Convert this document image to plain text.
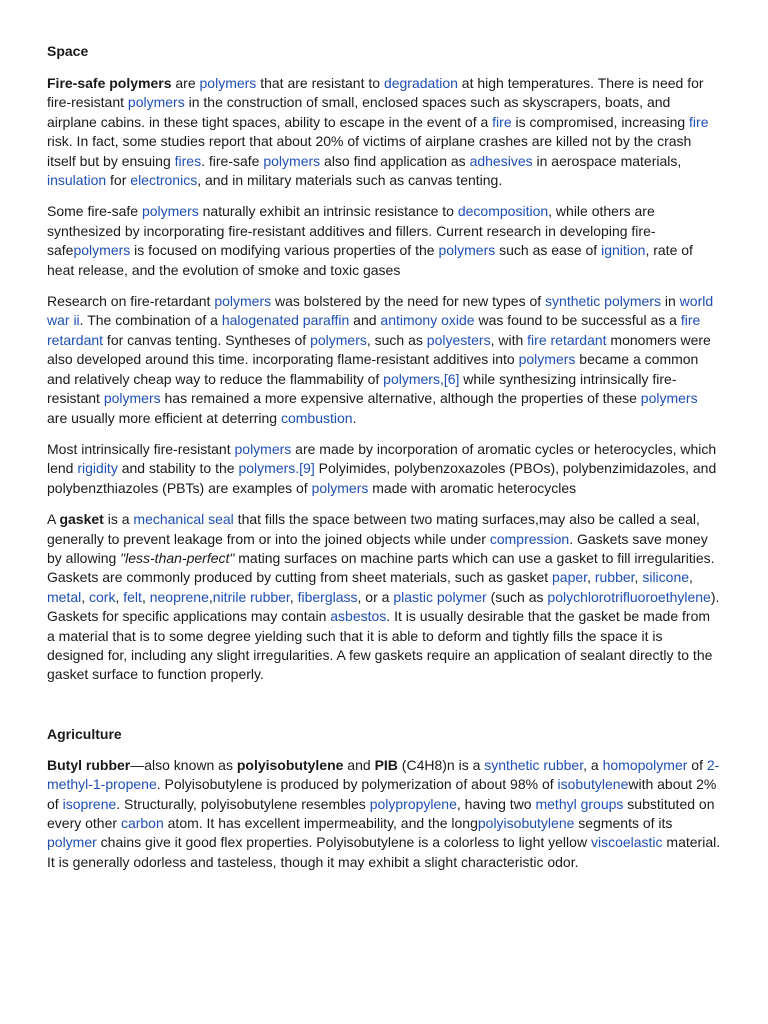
Space

Fire-safe polymers are polymers that are resistant to degradation at high temperatures. There is need for fire-resistant polymers in the construction of small, enclosed spaces such as skyscrapers, boats, and airplane cabins. in these tight spaces, ability to escape in the event of a fire is compromised, increasing fire risk. In fact, some studies report that about 20% of victims of airplane crashes are killed not by the crash itself but by ensuing fires. fire-safe polymers also find application as adhesives in aerospace materials, insulation for electronics, and in military materials such as canvas tenting.

Some fire-safe polymers naturally exhibit an intrinsic resistance to decomposition, while others are synthesized by incorporating fire-resistant additives and fillers. Current research in developing fire-safepolymers is focused on modifying various properties of the polymers such as ease of ignition, rate of heat release, and the evolution of smoke and toxic gases

Research on fire-retardant polymers was bolstered by the need for new types of synthetic polymers in world war ii. The combination of a halogenated paraffin and antimony oxide was found to be successful as a fire retardant for canvas tenting. Syntheses of polymers, such as polyesters, with fire retardant monomers were also developed around this time. incorporating flame-resistant additives into polymers became a common and relatively cheap way to reduce the flammability of polymers,[6] while synthesizing intrinsically fire-resistant polymers has remained a more expensive alternative, although the properties of these polymers are usually more efficient at deterring combustion.

Most intrinsically fire-resistant polymers are made by incorporation of aromatic cycles or heterocycles, which lend rigidity and stability to the polymers.[9] Polyimides, polybenzoxazoles (PBOs), polybenzimidazoles, and polybenzthiazoles (PBTs) are examples of polymers made with aromatic heterocycles

A gasket is a mechanical seal that fills the space between two mating surfaces,may also be called a seal, generally to prevent leakage from or into the joined objects while under compression. Gaskets save money by allowing "less-than-perfect" mating surfaces on machine parts which can use a gasket to fill irregularities. Gaskets are commonly produced by cutting from sheet materials, such as gasket paper, rubber, silicone, metal, cork, felt, neoprene,nitrile rubber, fiberglass, or a plastic polymer (such as polychlorotrifluoroethylene). Gaskets for specific applications may contain asbestos. It is usually desirable that the gasket be made from a material that is to some degree yielding such that it is able to deform and tightly fills the space it is designed for, including any slight irregularities. A few gaskets require an application of sealant directly to the gasket surface to function properly.

Agriculture

Butyl rubber—also known as polyisobutylene and PIB (C4H8)n is a synthetic rubber, a homopolymer of 2-methyl-1-propene. Polyisobutylene is produced by polymerization of about 98% of isobutylenewith about 2% of isoprene. Structurally, polyisobutylene resembles polypropylene, having two methyl groups substituted on every other carbon atom. It has excellent impermeability, and the longpolyisobutylene segments of its polymer chains give it good flex properties. Polyisobutylene is a colorless to light yellow viscoelastic material. It is generally odorless and tasteless, though it may exhibit a slight characteristic odor.
